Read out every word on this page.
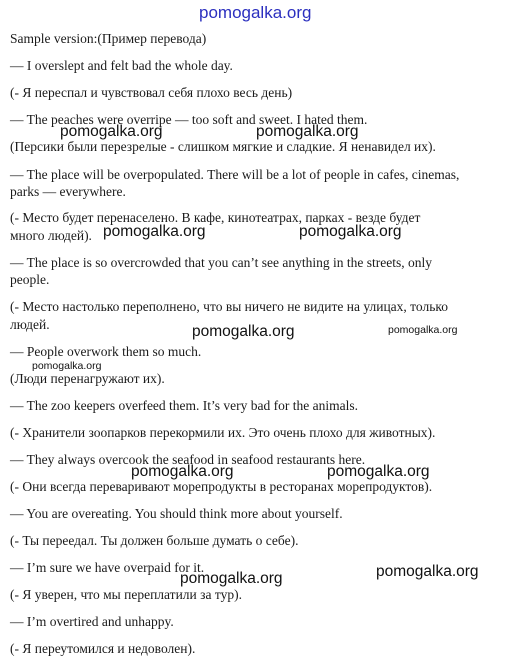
Sample version:(Пример перевода)
— I overslept and felt bad the whole day.
(- Я переспал и чувствовал себя плохо весь день)
— The peaches were overripe — too soft and sweet. I hated them.
(Персики были перезрелые - слишком мягкие и сладкие. Я ненавидел их).
— The place will be overpopulated. There will be a lot of people in cafes, cinemas,
parks — everywhere.
(- Место будет перенаселено. В кафе, кинотеатрах, парках - везде будет
много людей).
— The place is so overcrowded that you can’t see anything in the streets, only
people.
(- Место настолько переполнено, что вы ничего не видите на улицах, только
людей.
— People overwork them so much.
(Люди перенагружают их).
— The zoo keepers overfeed them. It’s very bad for the animals.
(- Хранители зоопарков перекормили их. Это очень плохо для животных).
— They always overcook the seafood in seafood restaurants here.
(- Они всегда переваривают морепродукты в ресторанах морепродуктов).
— You are overeating. You should think more about yourself.
(- Ты переедал. Ты должен больше думать о себе).
— I’m sure we have overpaid for it.
(- Я уверен, что мы переплатили за тур).
— I’m overtired and unhappy.
(- Я переутомился и недоволен).
pomogalka.org
pomogalka.org	pomogalka.org
pomogalka.org	pomogalka.org
pomogalka.org	pomogalka.org
pomogalka.org
pomogalka.org	pomogalka.org
pomogalka.org
pomogalka.org
